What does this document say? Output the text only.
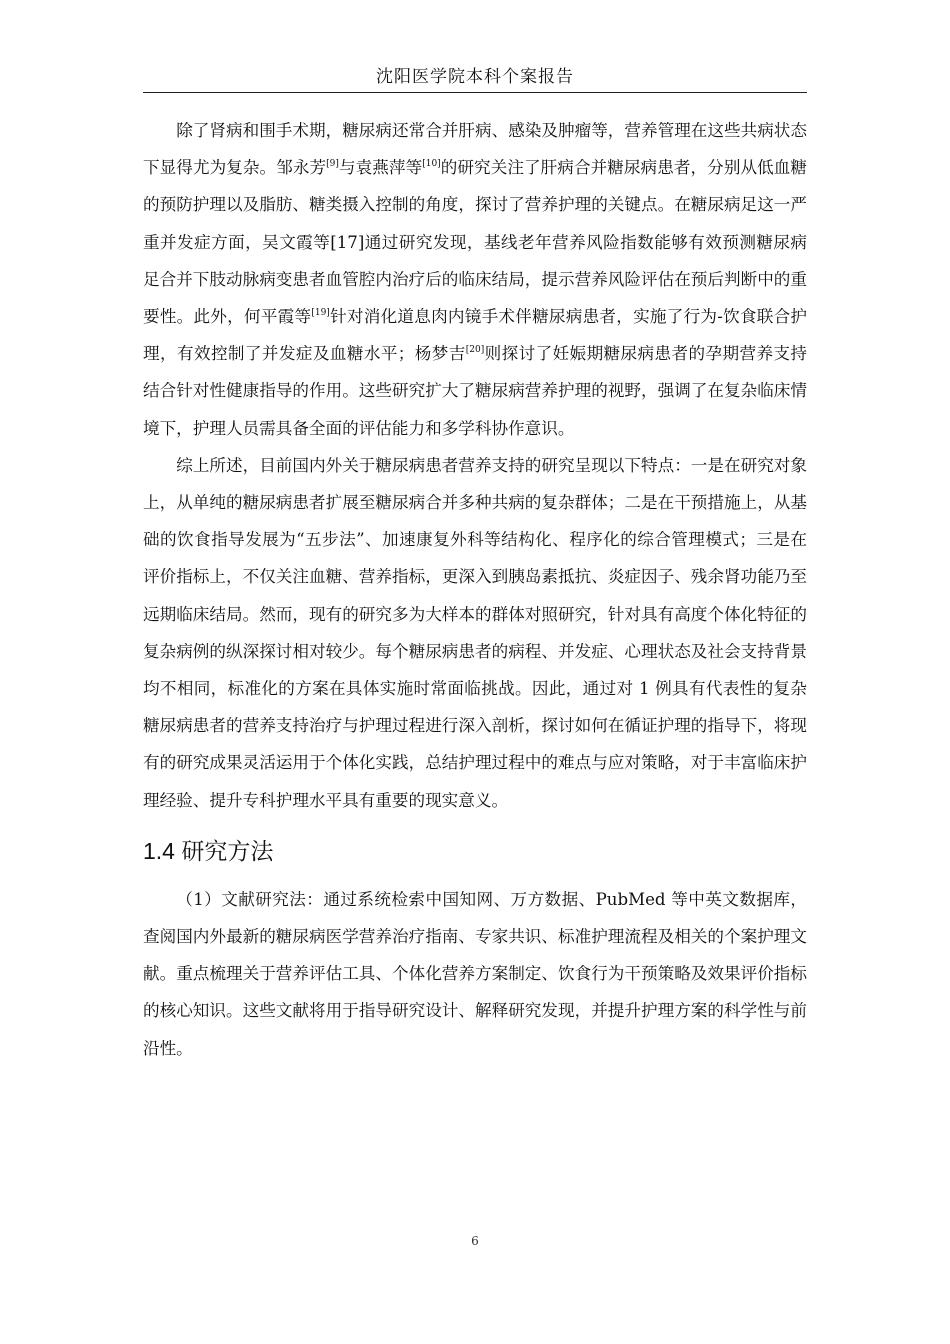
沈阳医学院本科个案报告

除了肾病和围手术期，糖尿病还常合并肝病、感染及肿瘤等，营养管理在这些共病状态下显得尤为复杂。邹永芳[9]与袁燕萍等[10]的研究关注了肝病合并糖尿病患者，分别从低血糖的预防护理以及脂肪、糖类摄入控制的角度，探讨了营养护理的关键点。在糖尿病足这一严重并发症方面，吴文霞等[17]通过研究发现，基线老年营养风险指数能够有效预测糖尿病足合并下肢动脉病变患者血管腔内治疗后的临床结局，提示营养风险评估在预后判断中的重要性。此外，何平霞等[19]针对消化道息肉内镜手术伴糖尿病患者，实施了行为-饮食联合护理，有效控制了并发症及血糖水平；杨梦吉[20]则探讨了妊娠期糖尿病患者的孕期营养支持结合针对性健康指导的作用。这些研究扩大了糖尿病营养护理的视野，强调了在复杂临床情境下，护理人员需具备全面的评估能力和多学科协作意识。

综上所述，目前国内外关于糖尿病患者营养支持的研究呈现以下特点：一是在研究对象上，从单纯的糖尿病患者扩展至糖尿病合并多种共病的复杂群体；二是在干预措施上，从基础的饮食指导发展为“五步法”、加速康复外科等结构化、程序化的综合管理模式；三是在评价指标上，不仅关注血糖、营养指标，更深入到胰岛素抵抗、炎症因子、残余肾功能乃至远期临床结局。然而，现有的研究多为大样本的群体对照研究，针对具有高度个体化特征的复杂病例的纵深探讨相对较少。每个糖尿病患者的病程、并发症、心理状态及社会支持背景均不相同，标准化的方案在具体实施时常面临挑战。因此，通过对 1 例具有代表性的复杂糖尿病患者的营养支持治疗与护理过程进行深入剖析，探讨如何在循证护理的指导下，将现有的研究成果灵活运用于个体化实践，总结护理过程中的难点与应对策略，对于丰富临床护理经验、提升专科护理水平具有重要的现实意义。

1.4 研究方法

（1）文献研究法：通过系统检索中国知网、万方数据、PubMed 等中英文数据库，查阅国内外最新的糖尿病医学营养治疗指南、专家共识、标准护理流程及相关的个案护理文献。重点梳理关于营养评估工具、个体化营养方案制定、饮食行为干预策略及效果评价指标的核心知识。这些文献将用于指导研究设计、解释研究发现，并提升护理方案的科学性与前沿性。

6
